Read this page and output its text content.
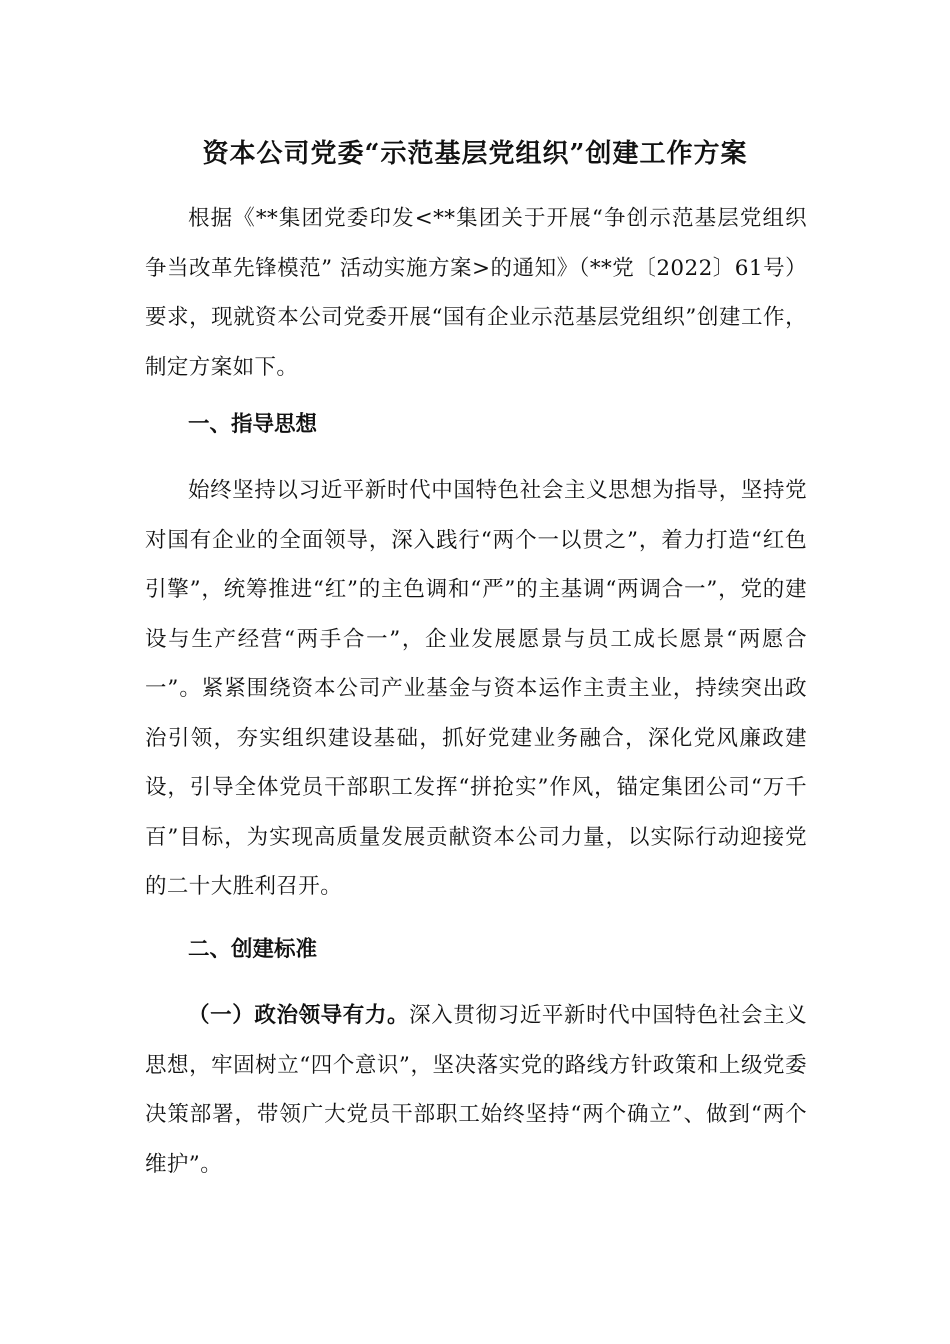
资本公司党委“示范基层党组织”创建工作方案

根据《**集团党委印发<**集团关于开展“争创示范基层党组织争当改革先锋模范” 活动实施方案>的通知》（**党〔2022〕61号）要求，现就资本公司党委开展“国有企业示范基层党组织”创建工作，制定方案如下。

一、指导思想

始终坚持以习近平新时代中国特色社会主义思想为指导，坚持党对国有企业的全面领导，深入践行“两个一以贯之”，着力打造“红色引擎”，统筹推进“红”的主色调和“严”的主基调“两调合一”，党的建设与生产经营“两手合一”，企业发展愿景与员工成长愿景“两愿合一”。紧紧围绕资本公司产业基金与资本运作主责主业，持续突出政治引领，夯实组织建设基础，抓好党建业务融合，深化党风廉政建设，引导全体党员干部职工发挥“拼抢实”作风，锚定集团公司“万千百”目标，为实现高质量发展贡献资本公司力量，以实际行动迎接党的二十大胜利召开。

二、创建标准

（一）政治领导有力。深入贯彻习近平新时代中国特色社会主义思想，牢固树立“四个意识”，坚决落实党的路线方针政策和上级党委决策部署，带领广大党员干部职工始终坚持“两个确立”、做到“两个维护”。
